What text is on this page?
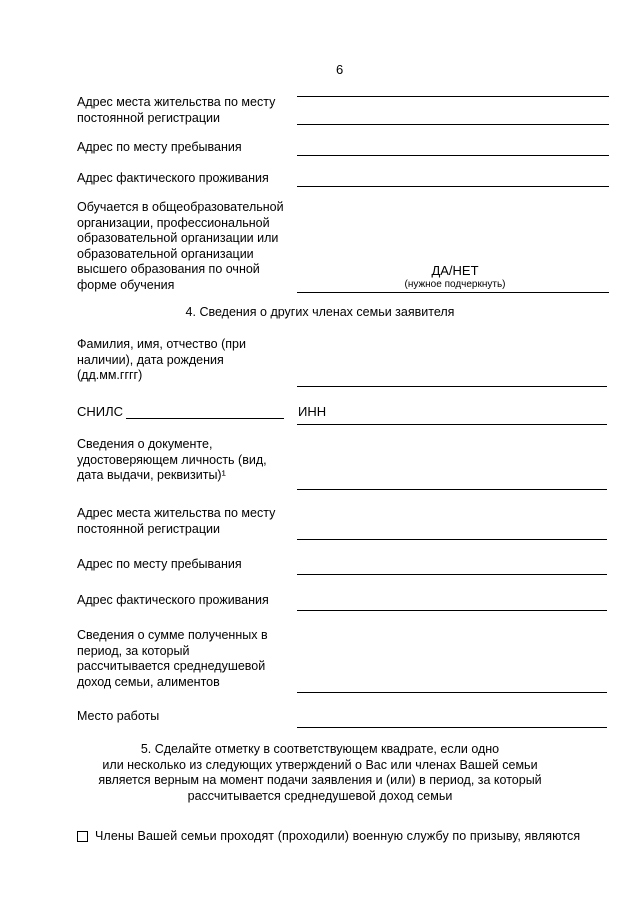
6
Адрес места жительства по месту постоянной регистрации
Адрес по месту пребывания
Адрес фактического проживания
Обучается в общеобразовательной организации, профессиональной образовательной организации или образовательной организации высшего образования по очной форме обучения
ДА/НЕТ
(нужное подчеркнуть)
4. Сведения о других членах семьи заявителя
Фамилия, имя, отчество (при наличии), дата рождения (дд.мм.гггг)
СНИЛС	ИНН
Сведения о документе, удостоверяющем личность (вид, дата выдачи, реквизиты)¹
Адрес места жительства по месту постоянной регистрации
Адрес по месту пребывания
Адрес фактического проживания
Сведения о сумме полученных в период, за который рассчитывается среднедушевой доход семьи, алиментов
Место работы
5. Сделайте отметку в соответствующем квадрате, если одно
или несколько из следующих утверждений о Вас или членах Вашей семьи
является верным на момент подачи заявления и (или) в период, за который
рассчитывается среднедушевой доход семьи
Члены Вашей семьи проходят (проходили) военную службу по призыву, являются
